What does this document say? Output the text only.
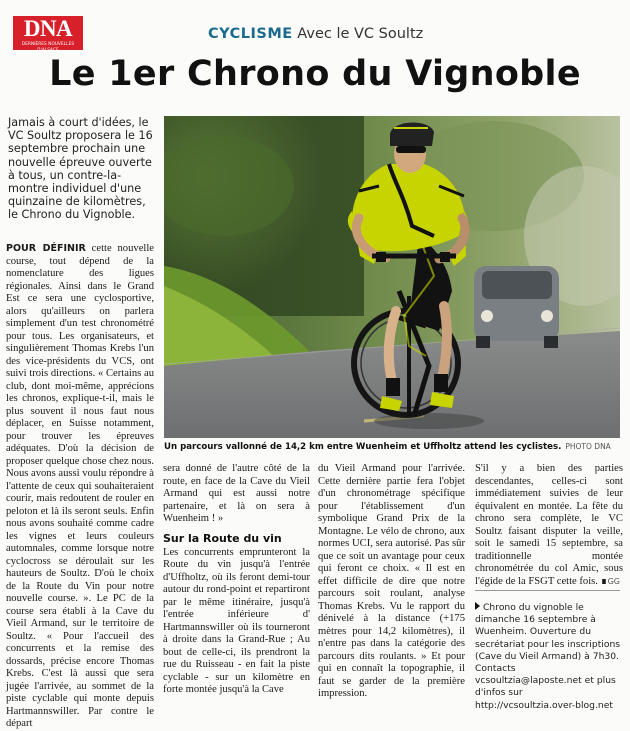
DNA
DERNIÈRES NOUVELLES D'ALSACE
CYCLISME Avec le VC Soultz
Le 1er Chrono du Vignoble
Jamais à court d'idées, le VC Soultz proposera le 16 septembre prochain une nouvelle épreuve ouverte à tous, un contre-la-montre individuel d'une quinzaine de kilomètres, le Chrono du Vignoble.
Un parcours vallonné de 14,2 km entre Wuenheim et Uffholtz attend les cyclistes. PHOTO DNA

POUR DÉFINIR cette nouvelle course, tout dépend de la nomenclature des ligues régionales. Ainsi dans le Grand Est ce sera une cyclosportive, alors qu'ailleurs on parlera simplement d'un test chronométré pour tous. Les organisateurs, et singulièrement Thomas Krebs l'un des vice-présidents du VCS, ont suivi trois directions. « Certains au club, dont moi-même, apprécions les chronos, explique-t-il, mais le plus souvent il nous faut nous déplacer, en Suisse notamment, pour trouver les épreuves adéquates. D'où la décision de proposer quelque chose chez nous. Nous avons aussi voulu répondre à l'attente de ceux qui souhaiteraient courir, mais redoutent de rouler en peloton et là ils seront seuls. Enfin nous avons souhaité comme cadre les vignes et leurs couleurs automnales, comme lorsque notre cyclocross se déroulait sur les hauteurs de Soultz. D'où le choix de la Route du Vin pour notre nouvelle course. ». Le PC de la course sera établi à la Cave du Vieil Armand, sur le territoire de Soultz. « Pour l'accueil des concurrents et la remise des dossards, précise encore Thomas Krebs. C'est là aussi que sera jugée l'arrivée, au sommet de la piste cyclable qui monte depuis Hartmannswiller. Par contre le départ

sera donné de l'autre côté de la route, en face de la Cave du Vieil Armand qui est aussi notre partenaire, et là on sera à Wuenheim ! »

Sur la Route du vin

Les concurrents emprunteront la Route du vin jusqu'à l'entrée d'Uffholtz, où ils feront demi-tour autour du rond-point et repartiront par le même itinéraire, jusqu'à l'entrée inférieure d' Hartmannswiller où ils tourneront à droite dans la Grand-Rue ; Au bout de celle-ci, ils prendront la rue du Ruisseau - en fait la piste cyclable - sur un kilomètre en forte montée jusqu'à la Cave

du Vieil Armand pour l'arrivée. Cette dernière partie fera l'objet d'un chronométrage spécifique pour l'établissement d'un symbolique Grand Prix de la Montagne. Le vélo de chrono, aux normes UCI, sera autorisé. Pas sûr que ce soit un avantage pour ceux qui feront ce choix. « Il est en effet difficile de dire que notre parcours soit roulant, analyse Thomas Krebs. Vu le rapport du dénivelé à la distance (+175 mètres pour 14,2 kilomètres), il n'entre pas dans la catégorie des parcours dits roulants. » Et pour qui en connaît la topographie, il faut se garder de la première impression.

S'il y a bien des parties descendantes, celles-ci sont immédiatement suivies de leur équivalent en montée. La fête du chrono sera complète, le VC Soultz faisant disputer la veille, soit le samedi 15 septembre, sa traditionnelle montée chronométrée du col Amic, sous l'égide de la FSGT cette fois. ∎ GG
Chrono du vignoble le dimanche 16 septembre à Wuenheim. Ouverture du secrétariat pour les inscriptions (Cave du Vieil Armand) à 7h30. Contacts vcsoultzia@laposte.net et plus d'infos sur http://vcsoultzia.over-blog.net
